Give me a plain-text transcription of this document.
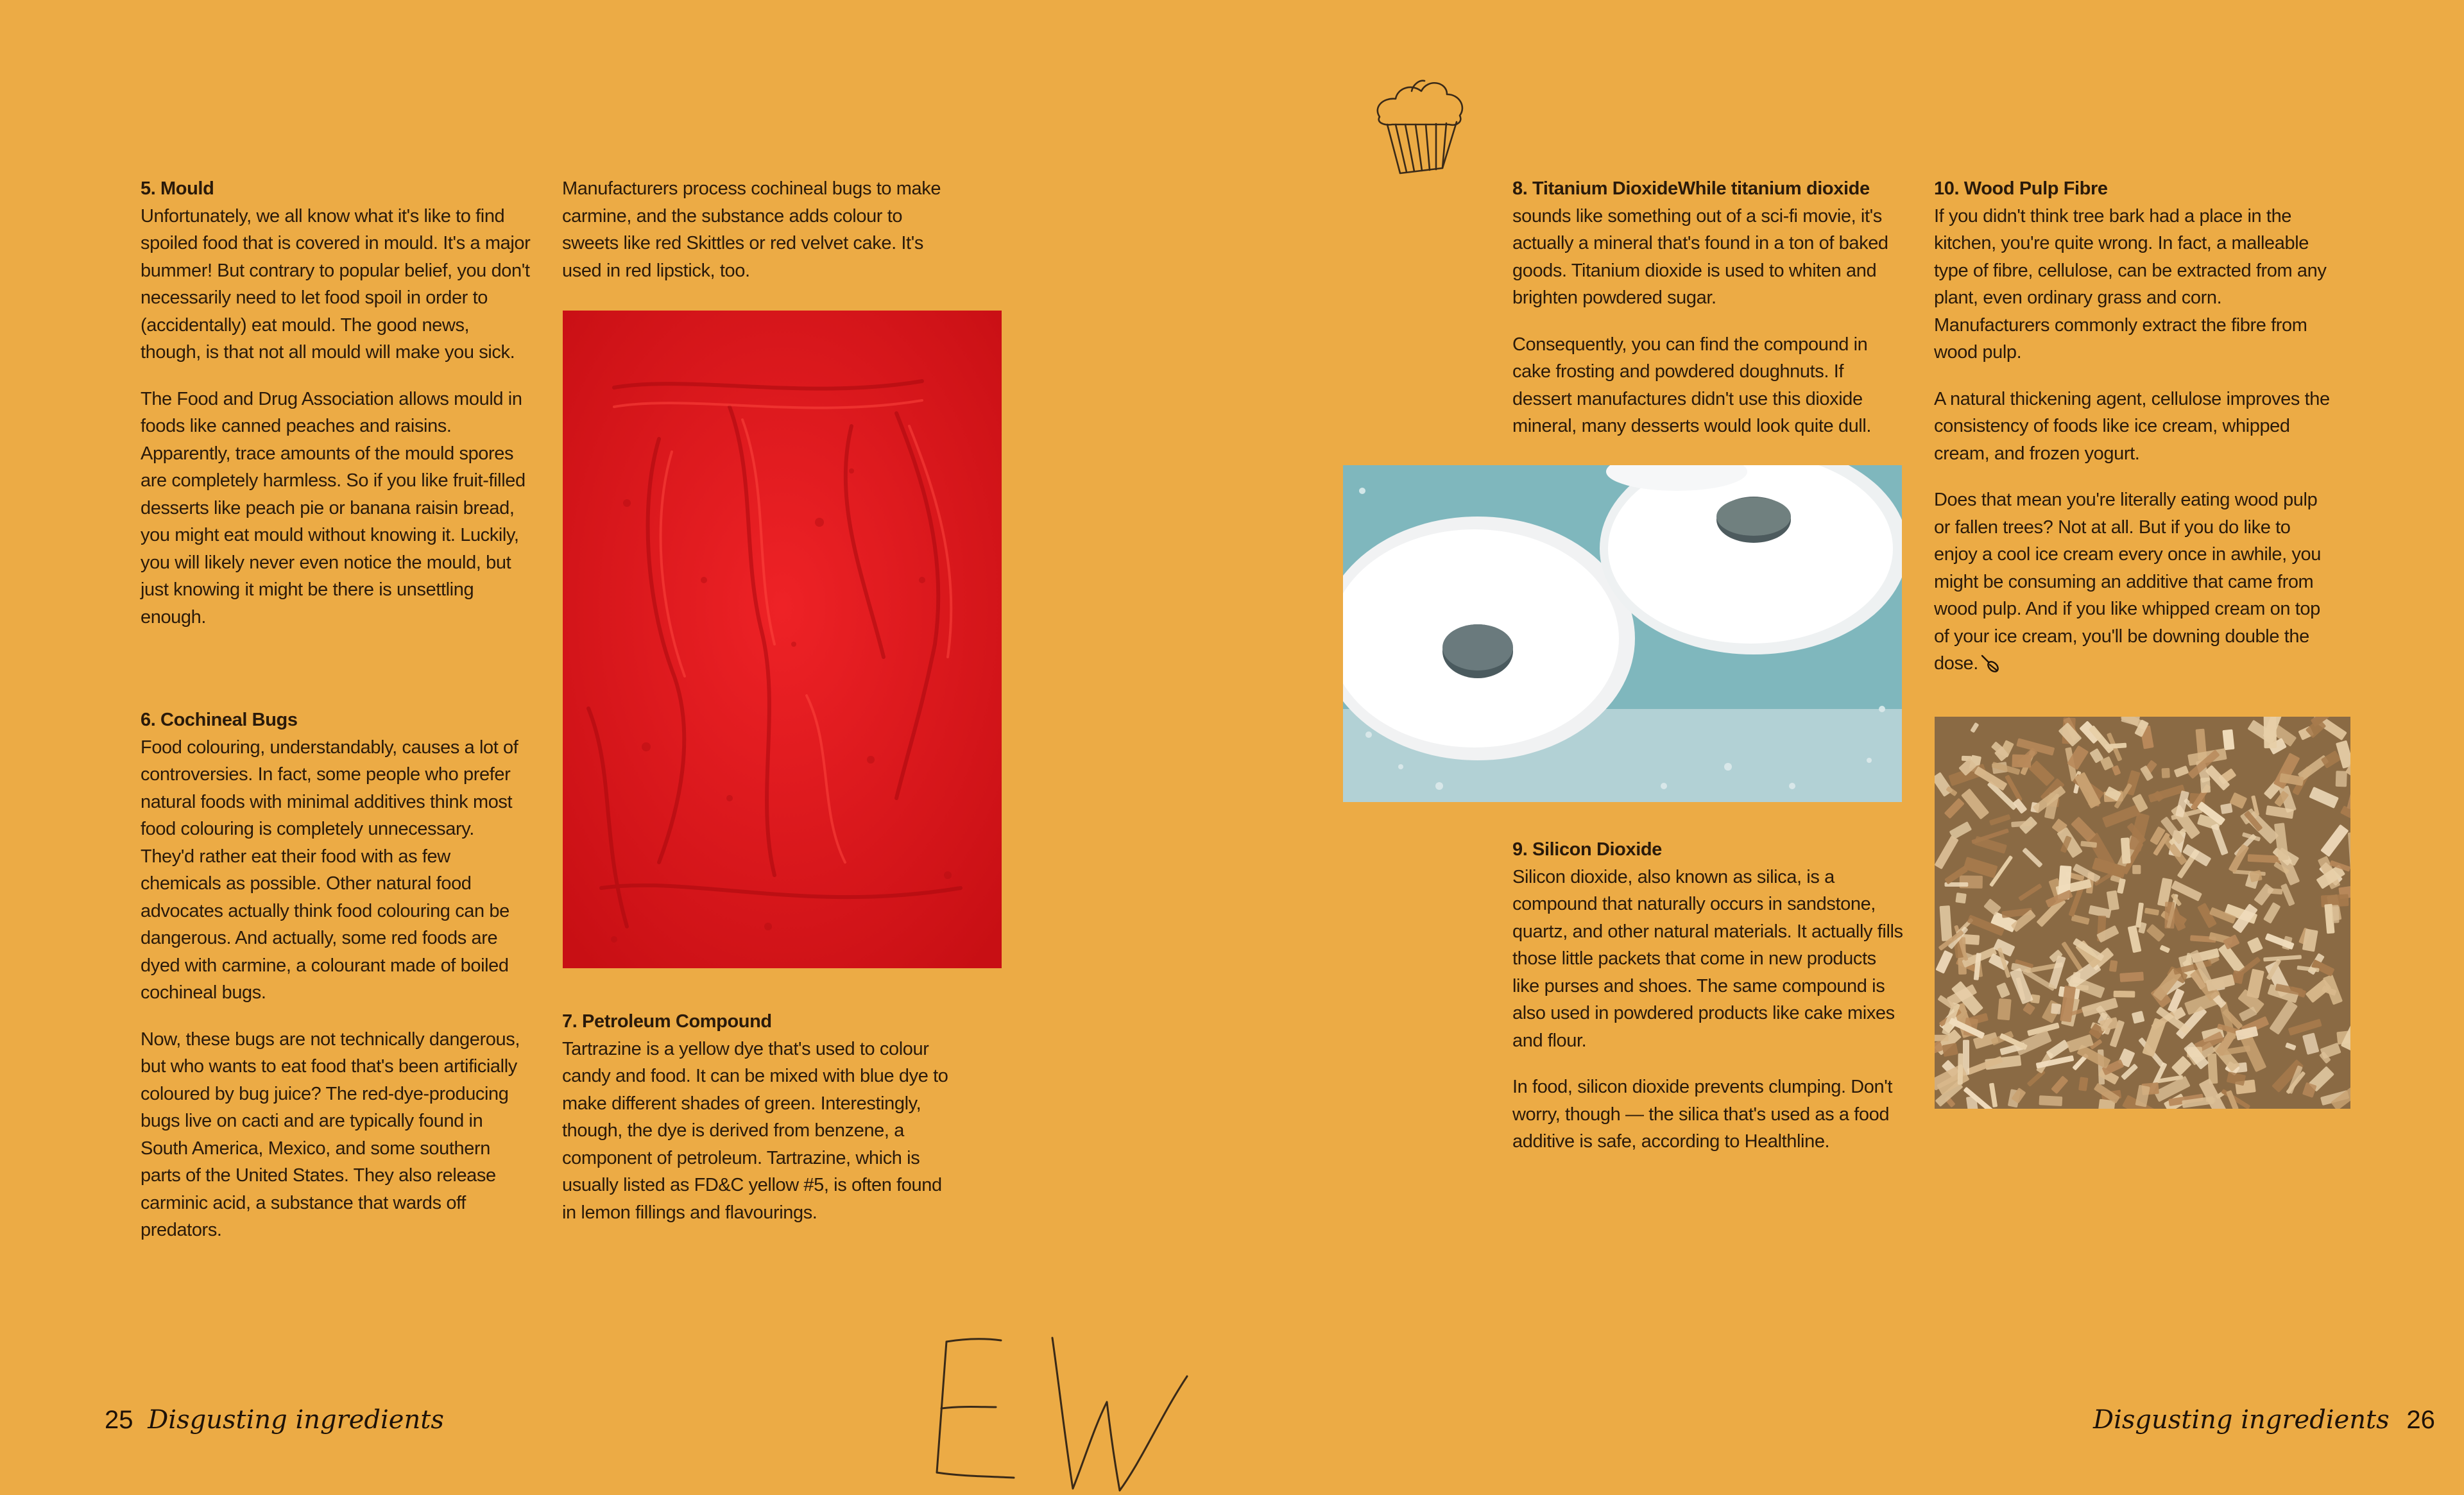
5. Mould

Unfortunately, we all know what it's like to find spoiled food that is covered in mould. It's a major bummer! But contrary to popular belief, you don't necessarily need to let food spoil in order to (accidentally) eat mould. The good news, though, is that not all mould will make you sick.

The Food and Drug Association allows mould in foods like canned peaches and raisins. Apparently, trace amounts of the mould spores are completely harmless. So if you like fruit-filled desserts like peach pie or banana raisin bread, you might eat mould without knowing it. Luckily, you will likely never even notice the mould, but just knowing it might be there is unsettling enough.

6. Cochineal Bugs

Food colouring, understandably, causes a lot of controversies. In fact, some people who prefer natural foods with minimal additives think most food colouring is completely unnecessary. They'd rather eat their food with as few chemicals as possible. Other natural food advocates actually think food colouring can be dangerous. And actually, some red foods are dyed with carmine, a colourant made of boiled cochineal bugs.

Now, these bugs are not technically dangerous, but who wants to eat food that's been artificially coloured by bug juice? The red-dye-producing bugs live on cacti and are typically found in South America, Mexico, and some southern parts of the United States. They also release carminic acid, a substance that wards off predators.

Manufacturers process cochineal bugs to make carmine, and the substance adds colour to sweets like red Skittles or red velvet cake. It's used in red lipstick, too.

7. Petroleum Compound

Tartrazine is a yellow dye that's used to colour candy and food. It can be mixed with blue dye to make different shades of green. Interestingly, though, the dye is derived from benzene, a component of petroleum. Tartrazine, which is usually listed as FD&C yellow #5, is often found in lemon fillings and flavourings.

8. Titanium DioxideWhile titanium dioxide

sounds like something out of a sci-fi movie, it's actually a mineral that's found in a ton of baked goods. Titanium dioxide is used to whiten and brighten powdered sugar.

Consequently, you can find the compound in cake frosting and powdered doughnuts. If dessert manufactures didn't use this dioxide mineral, many desserts would look quite dull.

9. Silicon Dioxide

Silicon dioxide, also known as silica, is a compound that naturally occurs in sandstone, quartz, and other natural materials. It actually fills those little packets that come in new products like purses and shoes. The same compound is also used in powdered products like cake mixes and flour.

In food, silicon dioxide prevents clumping. Don't worry, though — the silica that's used as a food additive is safe, according to Healthline.

10. Wood Pulp Fibre

If you didn't think tree bark had a place in the kitchen, you're quite wrong. In fact, a malleable type of fibre, cellulose, can be extracted from any plant, even ordinary grass and corn. Manufacturers commonly extract the fibre from wood pulp.

A natural thickening agent, cellulose improves the consistency of foods like ice cream, whipped cream, and frozen yogurt.

Does that mean you're literally eating wood pulp or fallen trees? Not at all. But if you do like to enjoy a cool ice cream every once in awhile, you might be consuming an additive that came from wood pulp. And if you like whipped cream on top of your ice cream, you'll be downing double the dose.

25 Disgusting ingredients	Disgusting ingredients 26
